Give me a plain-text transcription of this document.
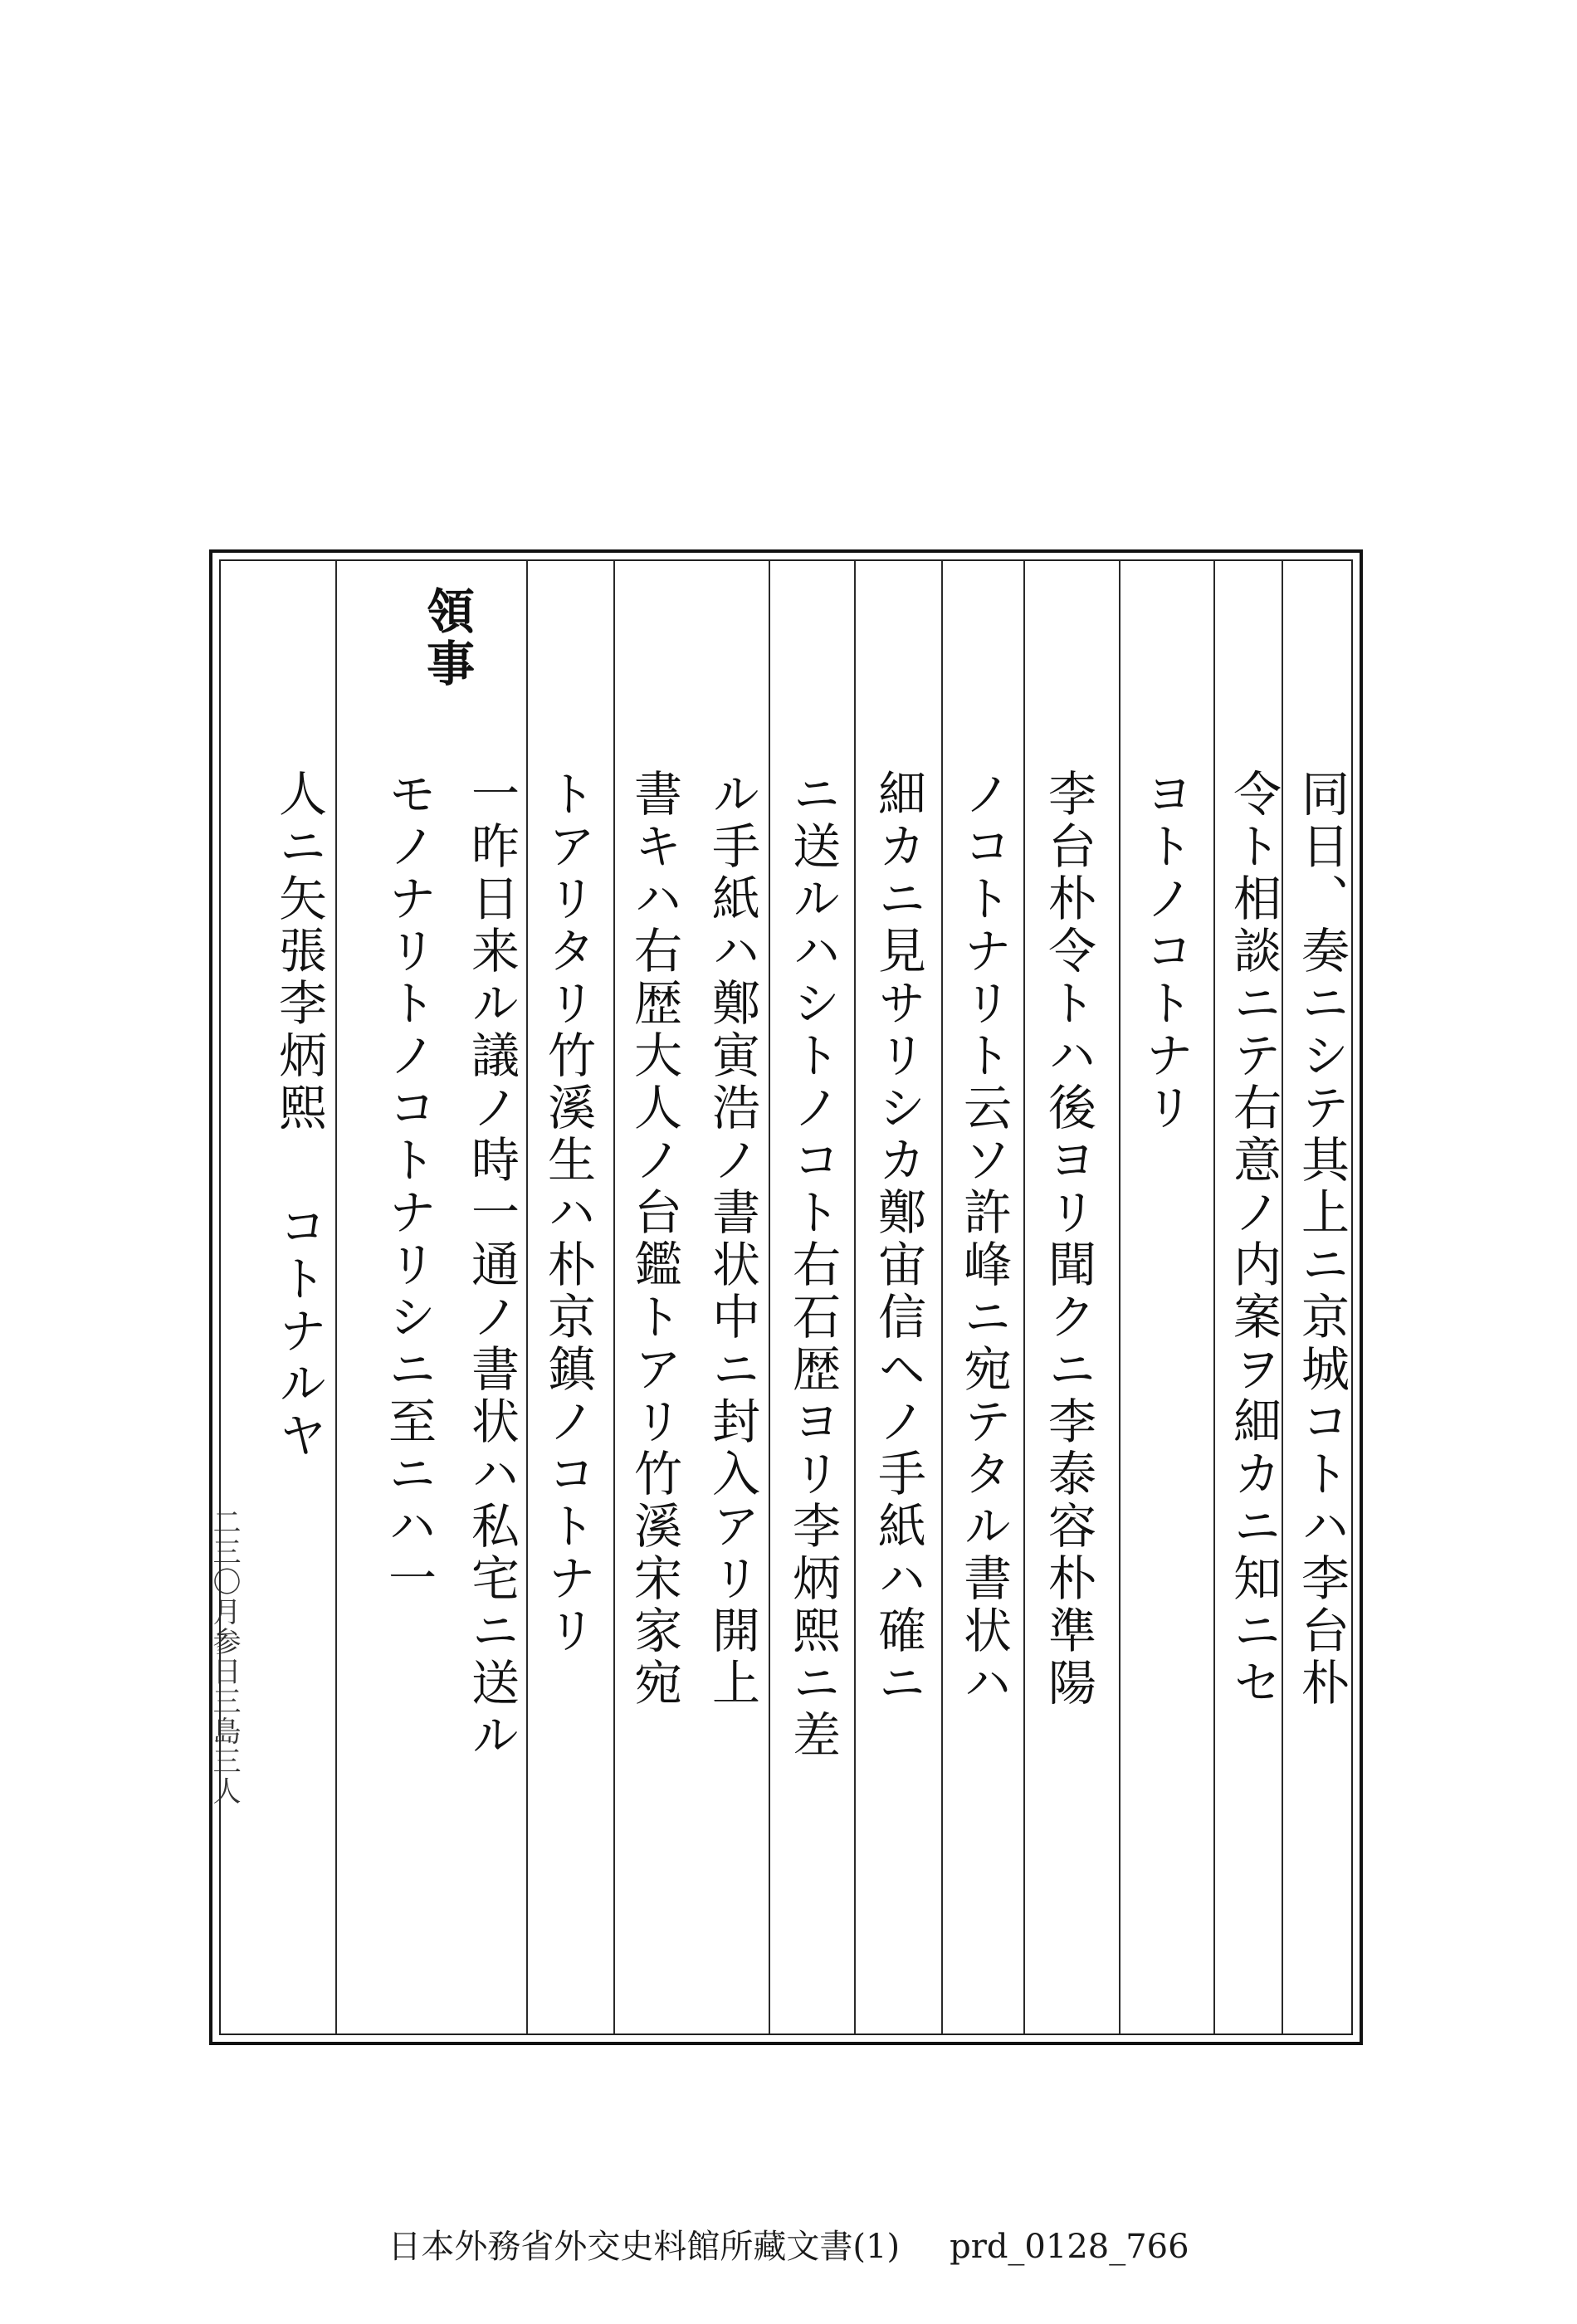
領事
同日、奏ニシテ其上ニ京城コトハ李台朴
令ト相談ニテ右意ノ内案ヲ細カニ知ニセ
ヨトノコトナリ
李台朴令トハ後ヨリ聞クニ李泰容朴準陽
ノコトナリト云ソ許峰ニ宛テタル書状ハ
細カニ見サリシカ鄭宙信ヘノ手紙ハ確ニ
ニ送ルハシトノコト右石歴ヨリ李炳熙ニ差
ル手紙ハ鄭寅浩ノ書状中ニ封入アリ開上
書キハ右歴大人ノ台鑑トアリ竹溪宋家宛
トアリタリ竹溪生ハ朴京鎮ノコトナリ
一昨日来ル議ノ時一通ノ書状ハ私宅ニ送ル
モノナリトノコトナリシニ至ニハ一
人ニ矢張李炳熙コトナルヤ
二三〇月参日三島三人
日本外務省外交史料館所藏文書(1) prd_0128_766
